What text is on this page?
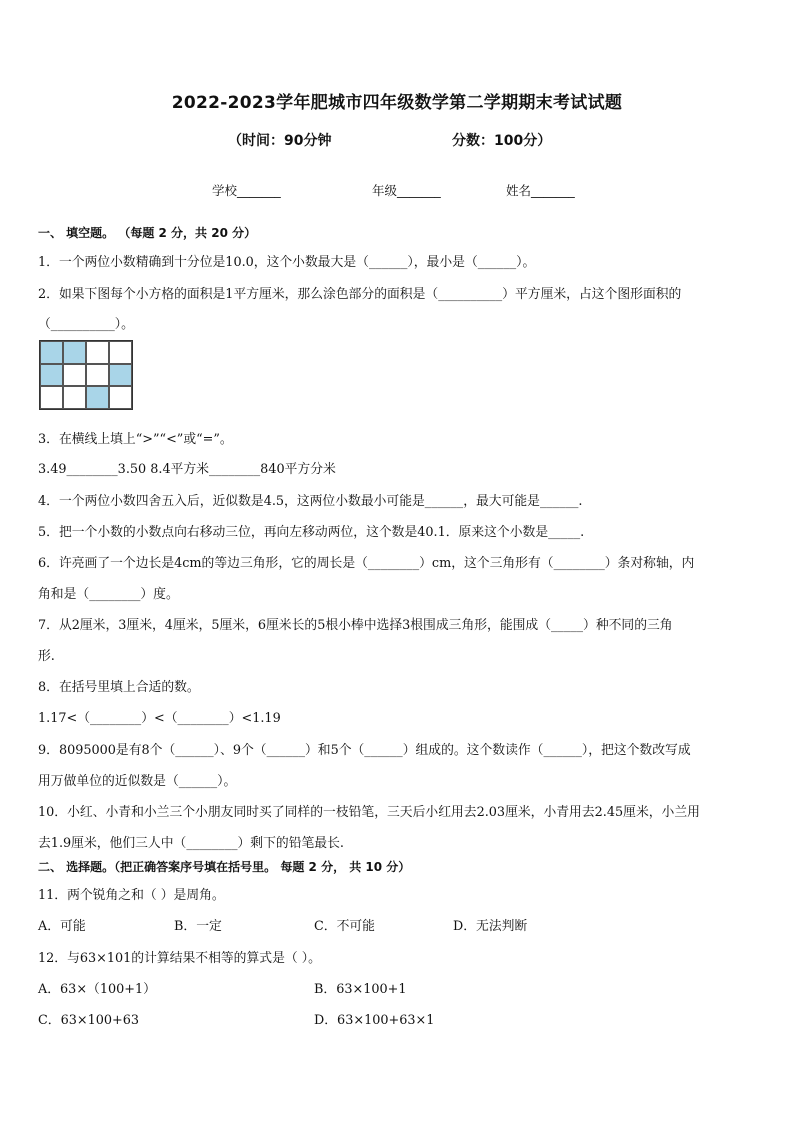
2022-2023学年肥城市四年级数学第二学期期末考试试题
（时间：90分钟	分数：100分）
学校_______	年级_______	姓名_______
一、 填空题。 （每题 2 分，共 20 分）
1．一个两位小数精确到十分位是10.0，这个小数最大是（______），最小是（______）。
2．如果下图每个小方格的面积是1平方厘米，那么涂色部分的面积是（__________）平方厘米，占这个图形面积的
（__________）。
3．在横线上填上“>”“<”或“=”。
3.49________3.50 8.4平方米________840平方分米
4．一个两位小数四舍五入后，近似数是4.5，这两位小数最小可能是______，最大可能是______.
5．把一个小数的小数点向右移动三位，再向左移动两位，这个数是40.1．原来这个小数是_____.
6．许亮画了一个边长是4cm的等边三角形，它的周长是（________）cm，这个三角形有（________）条对称轴，内
角和是（________）度。
7．从2厘米，3厘米，4厘米，5厘米，6厘米长的5根小棒中选择3根围成三角形，能围成（_____）种不同的三角
形.
8．在括号里填上合适的数。
1.17<（________）<（________）<1.19
9．8095000是有8个（______）、9个（______）和5个（______）组成的。这个数读作（______），把这个数改写成
用万做单位的近似数是（______）。
10．小红、小青和小兰三个小朋友同时买了同样的一枝铅笔，三天后小红用去2.03厘米，小青用去2.45厘米，小兰用
去1.9厘米，他们三人中（________）剩下的铅笔最长.
二、 选择题。（把正确答案序号填在括号里。 每题 2 分， 共 10 分）
11．两个锐角之和（ ）是周角。
A．可能	B．一定	C．不可能	D．无法判断
12．与63×101的计算结果不相等的算式是（ ）。
A．63×（100+1）	B．63×100+1
C．63×100+63	D．63×100+63×1
